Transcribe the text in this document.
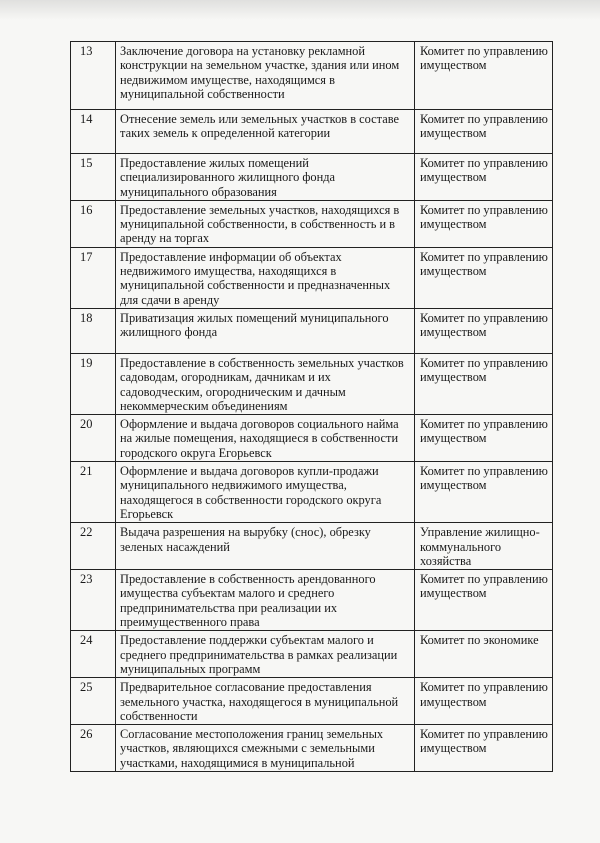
13	Заключение договора на установку рекламной конструкции на земельном участке, здания или ином недвижимом имуществе, находящимся в муниципальной собственности	Комитет по управлению имуществом
14	Отнесение земель или земельных участков в составе таких земель к определенной категории	Комитет по управлению имуществом
15	Предоставление жилых помещений специализированного жилищного фонда муниципального образования	Комитет по управлению имуществом
16	Предоставление земельных участков, находящихся в муниципальной собственности, в собственность и в аренду на торгах	Комитет по управлению имуществом
17	Предоставление информации об объектах недвижимого имущества, находящихся в муниципальной собственности и предназначенных для сдачи в аренду	Комитет по управлению имуществом
18	Приватизация жилых помещений муниципального жилищного фонда	Комитет по управлению имуществом
19	Предоставление в собственность земельных участков садоводам, огородникам, дачникам и их садоводческим, огородническим и дачным некоммерческим объединениям	Комитет по управлению имуществом
20	Оформление и выдача договоров социального найма на жилые помещения, находящиеся в собственности городского округа Егорьевск	Комитет по управлению имуществом
21	Оформление и выдача договоров купли-продажи муниципального недвижимого имущества, находящегося в собственности городского округа Егорьевск	Комитет по управлению имуществом
22	Выдача разрешения на вырубку (снос), обрезку зеленых насаждений	Управление жилищно-коммунального хозяйства
23	Предоставление в собственность арендованного имущества субъектам малого и среднего предпринимательства при реализации их преимущественного права	Комитет по управлению имуществом
24	Предоставление поддержки субъектам малого и среднего предпринимательства в рамках реализации муниципальных программ	Комитет по экономике
25	Предварительное согласование предоставления земельного участка, находящегося в муниципальной собственности	Комитет по управлению имуществом
26	Согласование местоположения границ земельных участков, являющихся смежными с земельными участками, находящимися в муниципальной	Комитет по управлению имуществом
